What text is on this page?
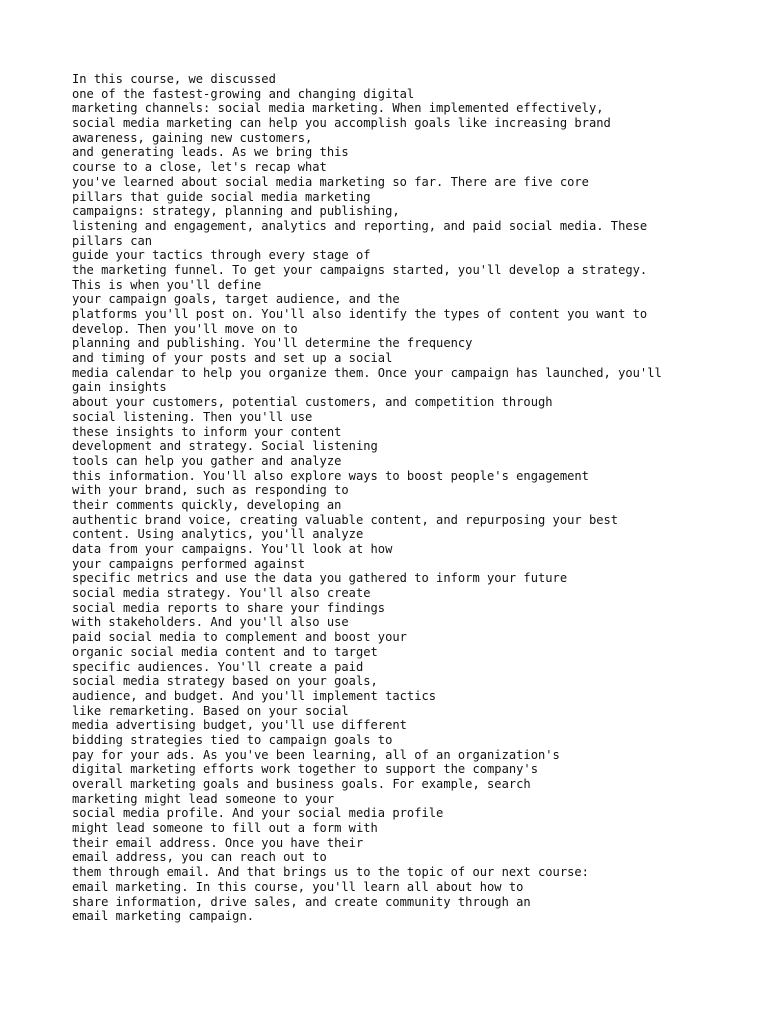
In this course, we discussed
one of the fastest-growing and changing digital
marketing channels: social media marketing. When implemented effectively,
social media marketing can help you accomplish goals like increasing brand
awareness, gaining new customers,
and generating leads. As we bring this
course to a close, let's recap what
you've learned about social media marketing so far. There are five core
pillars that guide social media marketing
campaigns: strategy, planning and publishing,
listening and engagement, analytics and reporting, and paid social media. These
pillars can
guide your tactics through every stage of
the marketing funnel. To get your campaigns started, you'll develop a strategy.
This is when you'll define
your campaign goals, target audience, and the
platforms you'll post on. You'll also identify the types of content you want to
develop. Then you'll move on to
planning and publishing. You'll determine the frequency
and timing of your posts and set up a social
media calendar to help you organize them. Once your campaign has launched, you'll
gain insights
about your customers, potential customers, and competition through
social listening. Then you'll use
these insights to inform your content
development and strategy. Social listening
tools can help you gather and analyze
this information. You'll also explore ways to boost people's engagement
with your brand, such as responding to
their comments quickly, developing an
authentic brand voice, creating valuable content, and repurposing your best
content. Using analytics, you'll analyze
data from your campaigns. You'll look at how
your campaigns performed against
specific metrics and use the data you gathered to inform your future
social media strategy. You'll also create
social media reports to share your findings
with stakeholders. And you'll also use
paid social media to complement and boost your
organic social media content and to target
specific audiences. You'll create a paid
social media strategy based on your goals,
audience, and budget. And you'll implement tactics
like remarketing. Based on your social
media advertising budget, you'll use different
bidding strategies tied to campaign goals to
pay for your ads. As you've been learning, all of an organization's
digital marketing efforts work together to support the company's
overall marketing goals and business goals. For example, search
marketing might lead someone to your
social media profile. And your social media profile
might lead someone to fill out a form with
their email address. Once you have their
email address, you can reach out to
them through email. And that brings us to the topic of our next course:
email marketing. In this course, you'll learn all about how to
share information, drive sales, and create community through an
email marketing campaign.
